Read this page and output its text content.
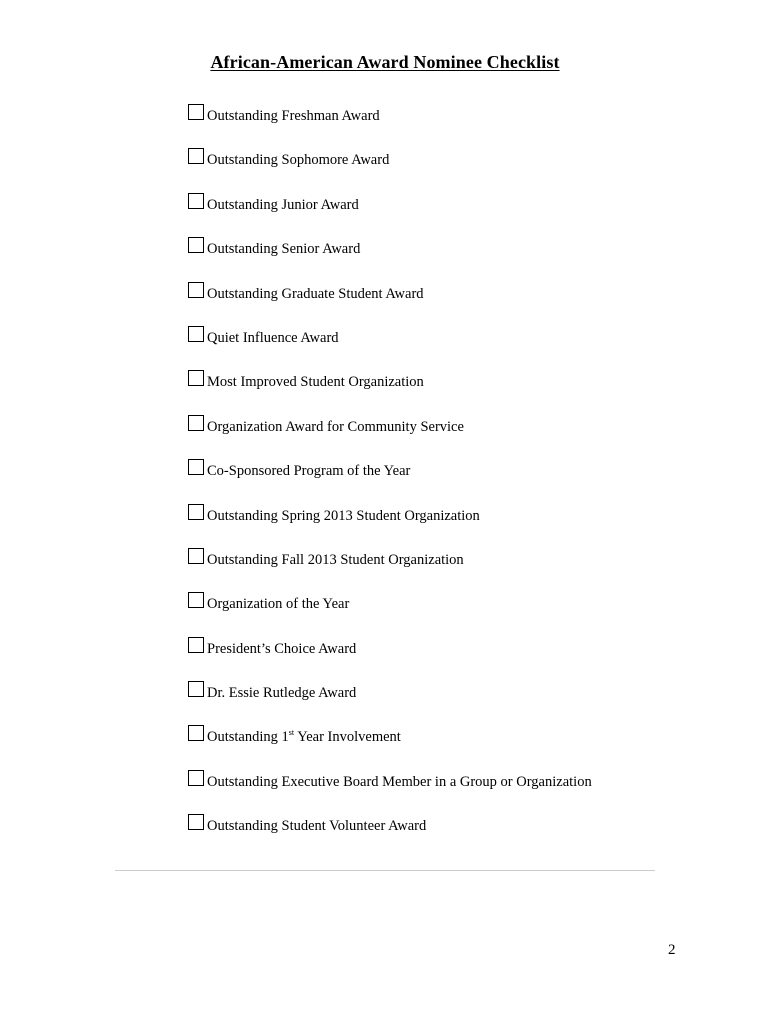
African-American Award Nominee Checklist
Outstanding Freshman Award
Outstanding Sophomore Award
Outstanding Junior Award
Outstanding Senior Award
Outstanding Graduate Student Award
Quiet Influence Award
Most Improved Student Organization
Organization Award for Community Service
Co-Sponsored Program of the Year
Outstanding Spring 2013 Student Organization
Outstanding Fall 2013 Student Organization
Organization of the Year
President’s Choice Award
Dr. Essie Rutledge Award
Outstanding 1st Year Involvement
Outstanding Executive Board Member in a Group or Organization
Outstanding Student Volunteer Award
2
